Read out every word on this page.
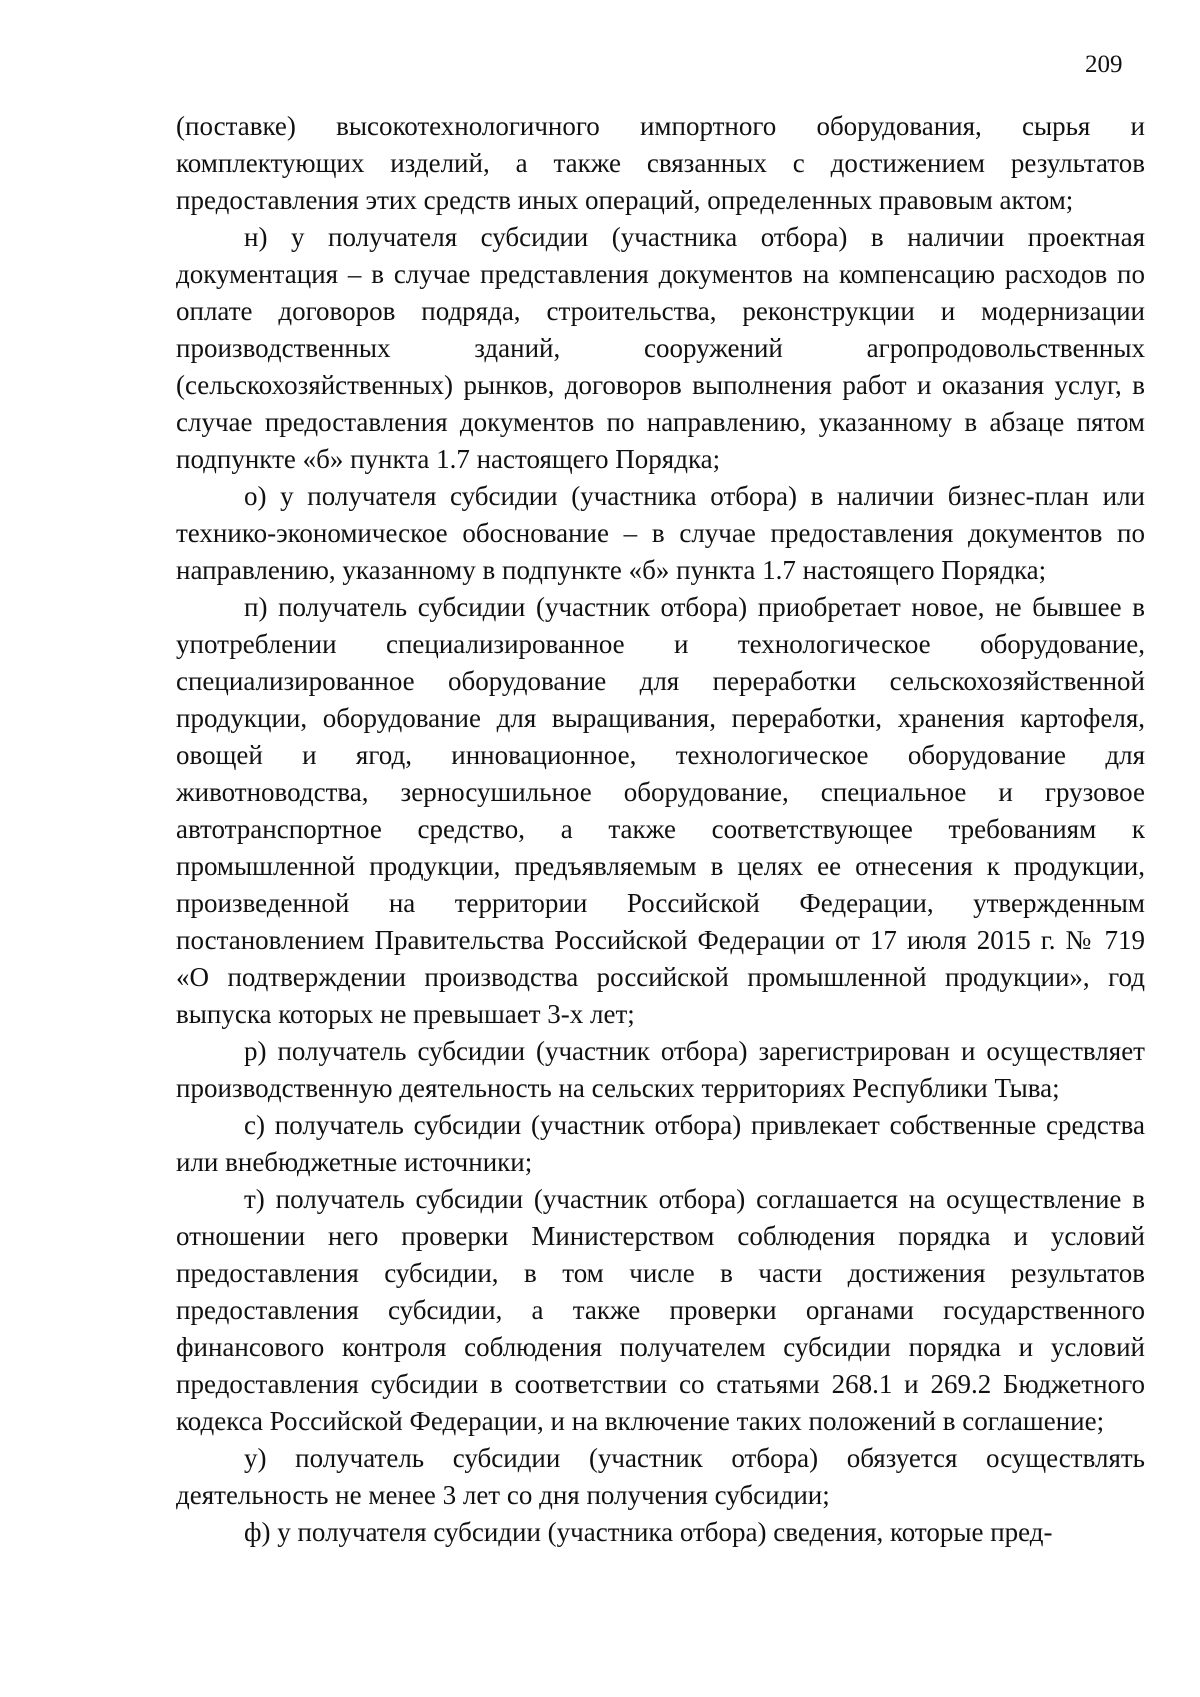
209

(поставке) высокотехнологичного импортного оборудования, сырья и комплектующих изделий, а также связанных с достижением результатов предоставления этих средств иных операций, определенных правовым актом;

н) у получателя субсидии (участника отбора) в наличии проектная документация – в случае представления документов на компенсацию расходов по оплате договоров подряда, строительства, реконструкции и модернизации производственных зданий, сооружений агропродовольственных (сельскохозяйственных) рынков, договоров выполнения работ и оказания услуг, в случае предоставления документов по направлению, указанному в абзаце пятом подпункте «б» пункта 1.7 настоящего Порядка;

о) у получателя субсидии (участника отбора) в наличии бизнес-план или технико-экономическое обоснование – в случае предоставления документов по направлению, указанному в подпункте «б» пункта 1.7 настоящего Порядка;

п) получатель субсидии (участник отбора) приобретает новое, не бывшее в употреблении специализированное и технологическое оборудование, специализированное оборудование для переработки сельскохозяйственной продукции, оборудование для выращивания, переработки, хранения картофеля, овощей и ягод, инновационное, технологическое оборудование для животноводства, зерносушильное оборудование, специальное и грузовое автотранспортное средство, а также соответствующее требованиям к промышленной продукции, предъявляемым в целях ее отнесения к продукции, произведенной на территории Российской Федерации, утвержденным постановлением Правительства Российской Федерации от 17 июля 2015 г. № 719 «О подтверждении производства российской промышленной продукции», год выпуска которых не превышает 3-х лет;

р) получатель субсидии (участник отбора) зарегистрирован и осуществляет производственную деятельность на сельских территориях Республики Тыва;

с) получатель субсидии (участник отбора) привлекает собственные средства или внебюджетные источники;

т) получатель субсидии (участник отбора) соглашается на осуществление в отношении него проверки Министерством соблюдения порядка и условий предоставления субсидии, в том числе в части достижения результатов предоставления субсидии, а также проверки органами государственного финансового контроля соблюдения получателем субсидии порядка и условий предоставления субсидии в соответствии со статьями 268.1 и 269.2 Бюджетного кодекса Российской Федерации, и на включение таких положений в соглашение;

у) получатель субсидии (участник отбора) обязуется осуществлять деятельность не менее 3 лет со дня получения субсидии;

ф) у получателя субсидии (участника отбора) сведения, которые пред-
